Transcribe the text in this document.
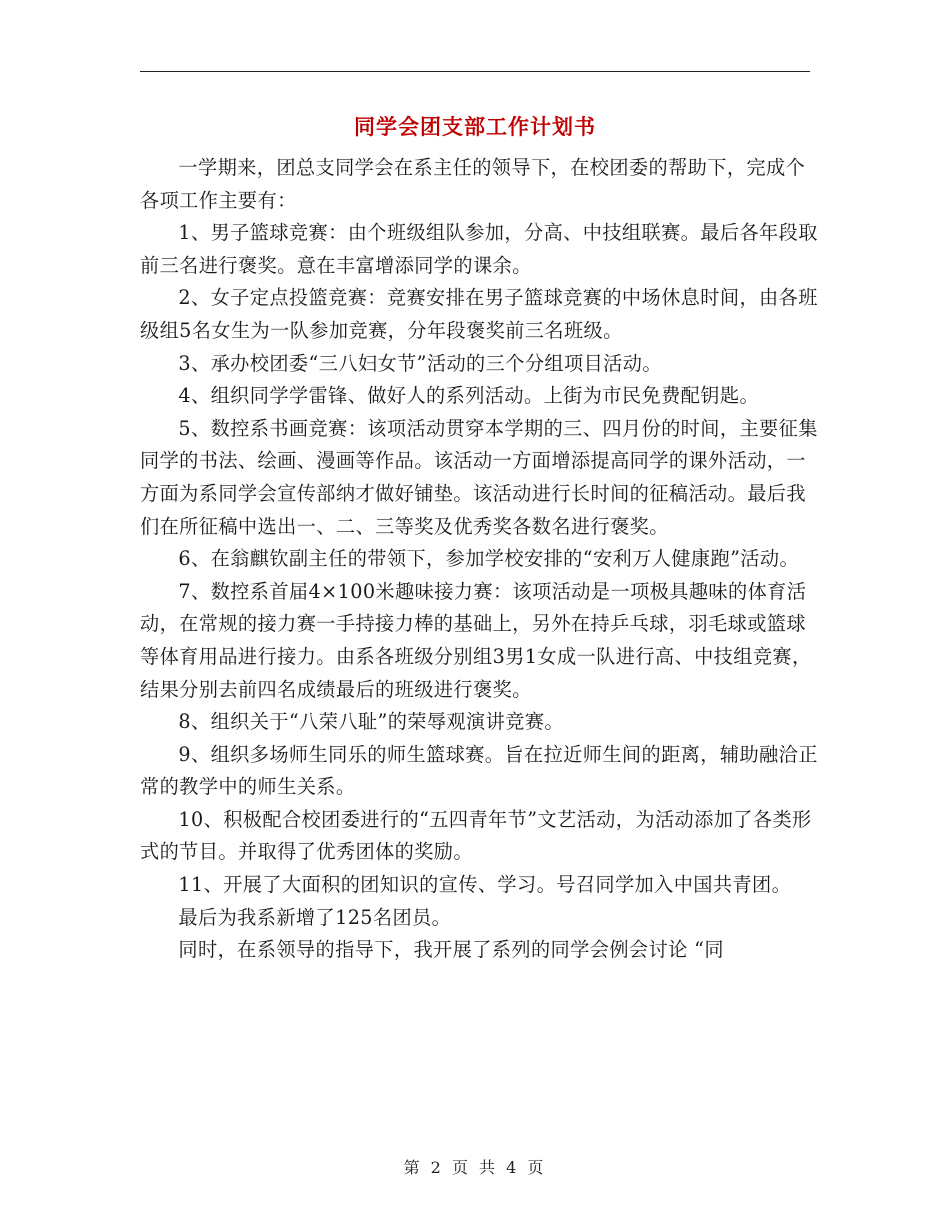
同学会团支部工作计划书

一学期来，团总支同学会在系主任的领导下，在校团委的帮助下，完成个各项工作主要有：

1、男子篮球竞赛：由个班级组队参加，分高、中技组联赛。最后各年段取前三名进行褒奖。意在丰富增添同学的课余。

2、女子定点投篮竞赛：竞赛安排在男子篮球竞赛的中场休息时间，由各班级组5名女生为一队参加竞赛，分年段褒奖前三名班级。

3、承办校团委“三八妇女节”活动的三个分组项目活动。

4、组织同学学雷锋、做好人的系列活动。上街为市民免费配钥匙。

5、数控系书画竞赛：该项活动贯穿本学期的三、四月份的时间，主要征集同学的书法、绘画、漫画等作品。该活动一方面增添提高同学的课外活动，一方面为系同学会宣传部纳才做好铺垫。该活动进行长时间的征稿活动。最后我们在所征稿中选出一、二、三等奖及优秀奖各数名进行褒奖。

6、在翁麒钦副主任的带领下，参加学校安排的“安利万人健康跑”活动。

7、数控系首届4×100米趣味接力赛：该项活动是一项极具趣味的体育活动，在常规的接力赛一手持接力棒的基础上，另外在持乒乓球，羽毛球或篮球等体育用品进行接力。由系各班级分别组3男1女成一队进行高、中技组竞赛，结果分别去前四名成绩最后的班级进行褒奖。

8、组织关于“八荣八耻”的荣辱观演讲竞赛。

9、组织多场师生同乐的师生篮球赛。旨在拉近师生间的距离，辅助融洽正常的教学中的师生关系。

10、积极配合校团委进行的“五四青年节”文艺活动，为活动添加了各类形式的节目。并取得了优秀团体的奖励。

11、开展了大面积的团知识的宣传、学习。号召同学加入中国共青团。

最后为我系新增了125名团员。

同时，在系领导的指导下，我开展了系列的同学会例会讨论 “同

第 2 页 共 4 页
